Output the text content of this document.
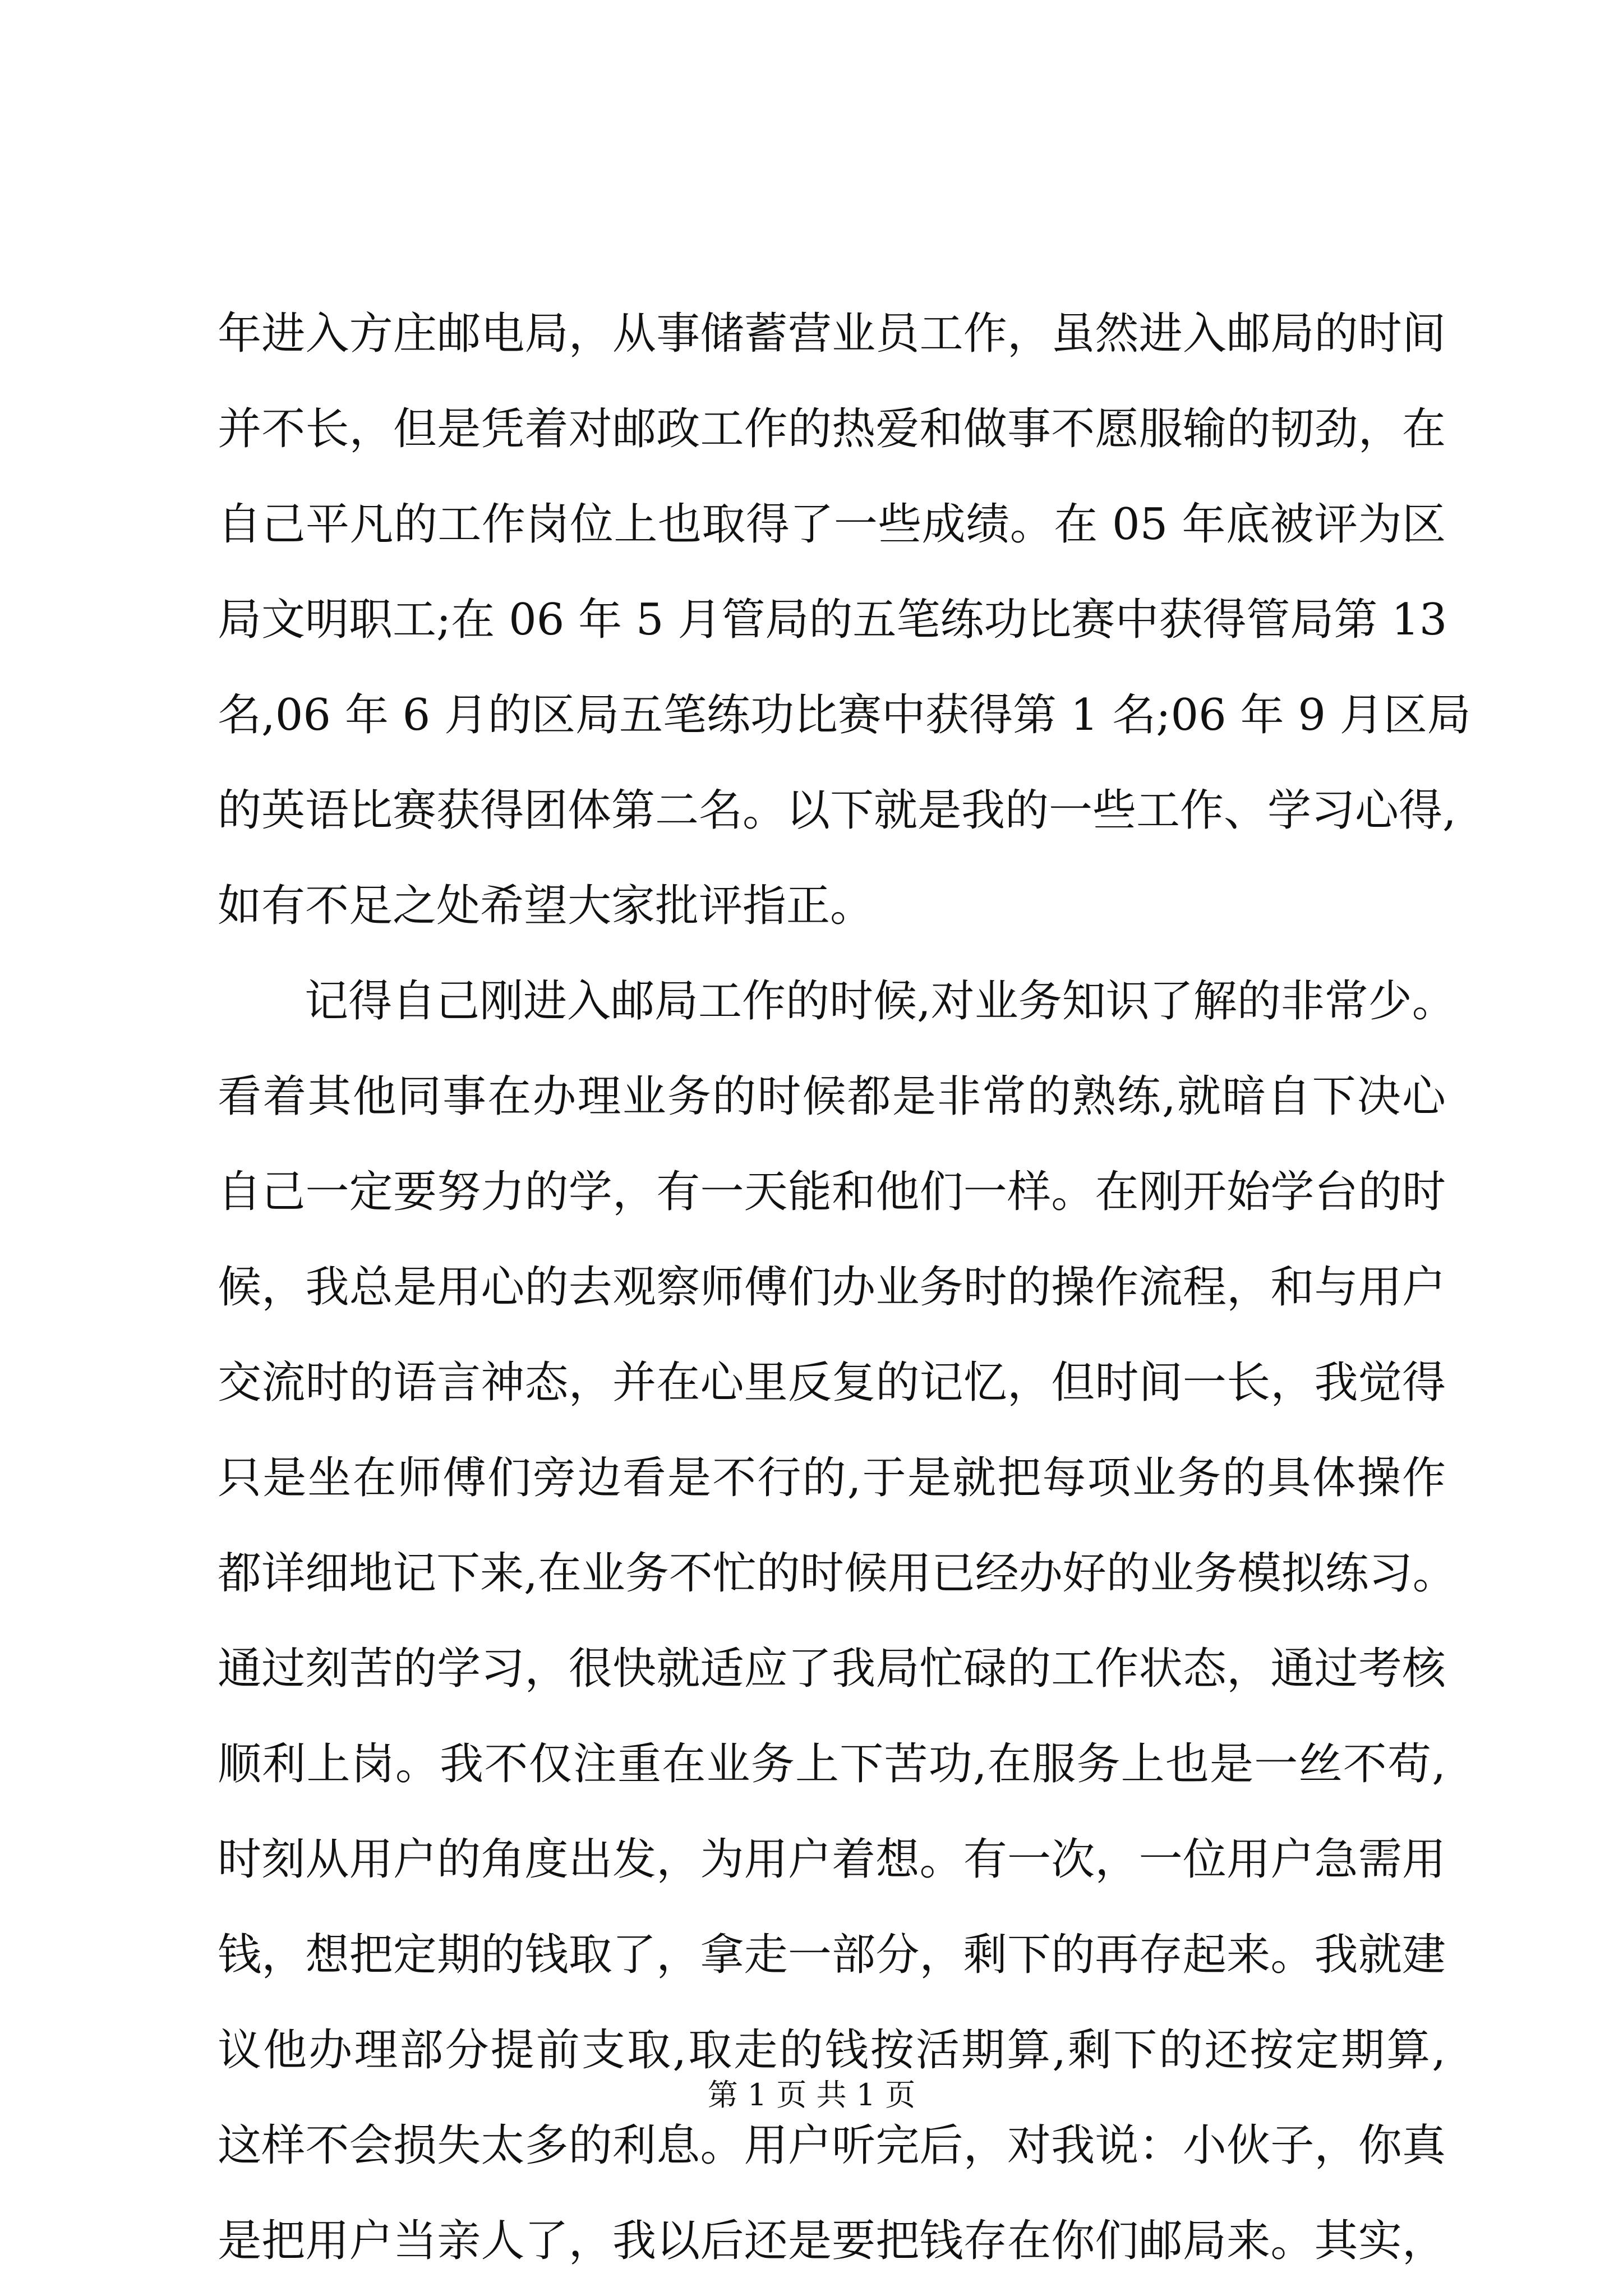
年进入方庄邮电局，从事储蓄营业员工作，虽然进入邮局的时间
并不长，但是凭着对邮政工作的热爱和做事不愿服输的韧劲，在
自己平凡的工作岗位上也取得了一些成绩。在 05 年底被评为区
局文明职工;在 06 年 5 月管局的五笔练功比赛中获得管局第 13
名,06 年 6 月的区局五笔练功比赛中获得第 1 名;06 年 9 月区局
的英语比赛获得团体第二名。以下就是我的一些工作、学习心得,
如有不足之处希望大家批评指正。
记得自己刚进入邮局工作的时候,对业务知识了解的非常少。
看着其他同事在办理业务的时候都是非常的熟练,就暗自下决心
自己一定要努力的学，有一天能和他们一样。在刚开始学台的时
候，我总是用心的去观察师傅们办业务时的操作流程，和与用户
交流时的语言神态，并在心里反复的记忆，但时间一长，我觉得
只是坐在师傅们旁边看是不行的,于是就把每项业务的具体操作
都详细地记下来,在业务不忙的时候用已经办好的业务模拟练习。
通过刻苦的学习，很快就适应了我局忙碌的工作状态，通过考核
顺利上岗。我不仅注重在业务上下苦功,在服务上也是一丝不苟,
时刻从用户的角度出发，为用户着想。有一次，一位用户急需用
钱，想把定期的钱取了，拿走一部分，剩下的再存起来。我就建
议他办理部分提前支取,取走的钱按活期算,剩下的还按定期算,
这样不会损失太多的利息。用户听完后，对我说：小伙子，你真
是把用户当亲人了，我以后还是要把钱存在你们邮局来。其实，
第 1 页 共 1 页
